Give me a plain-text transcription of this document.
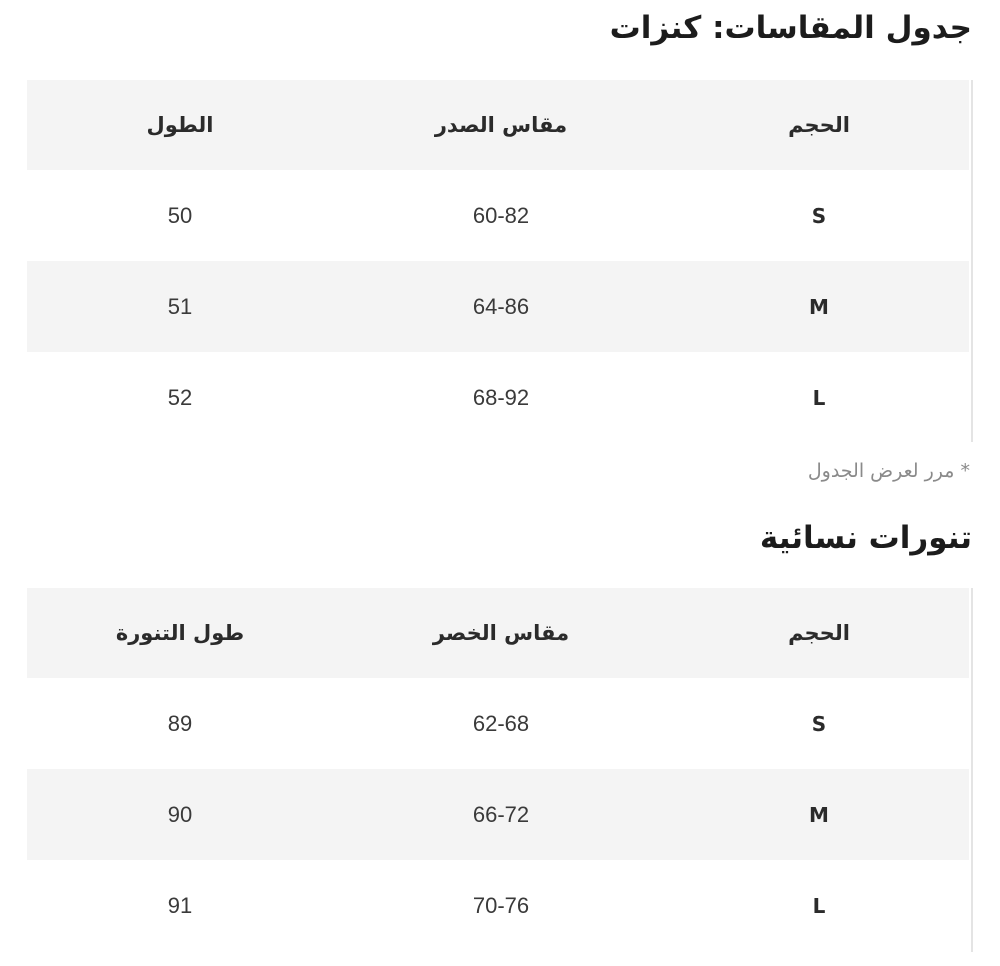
جدول المقاسات: كنزات
الحجم	مقاس الصدر	الطول
S	60-82	50
M	64-86	51
L	68-92	52

* مرر لعرض الجدول

تنورات نسائية
الحجم	مقاس الخصر	طول التنورة
S	62-68	89
M	66-72	90
L	70-76	91
